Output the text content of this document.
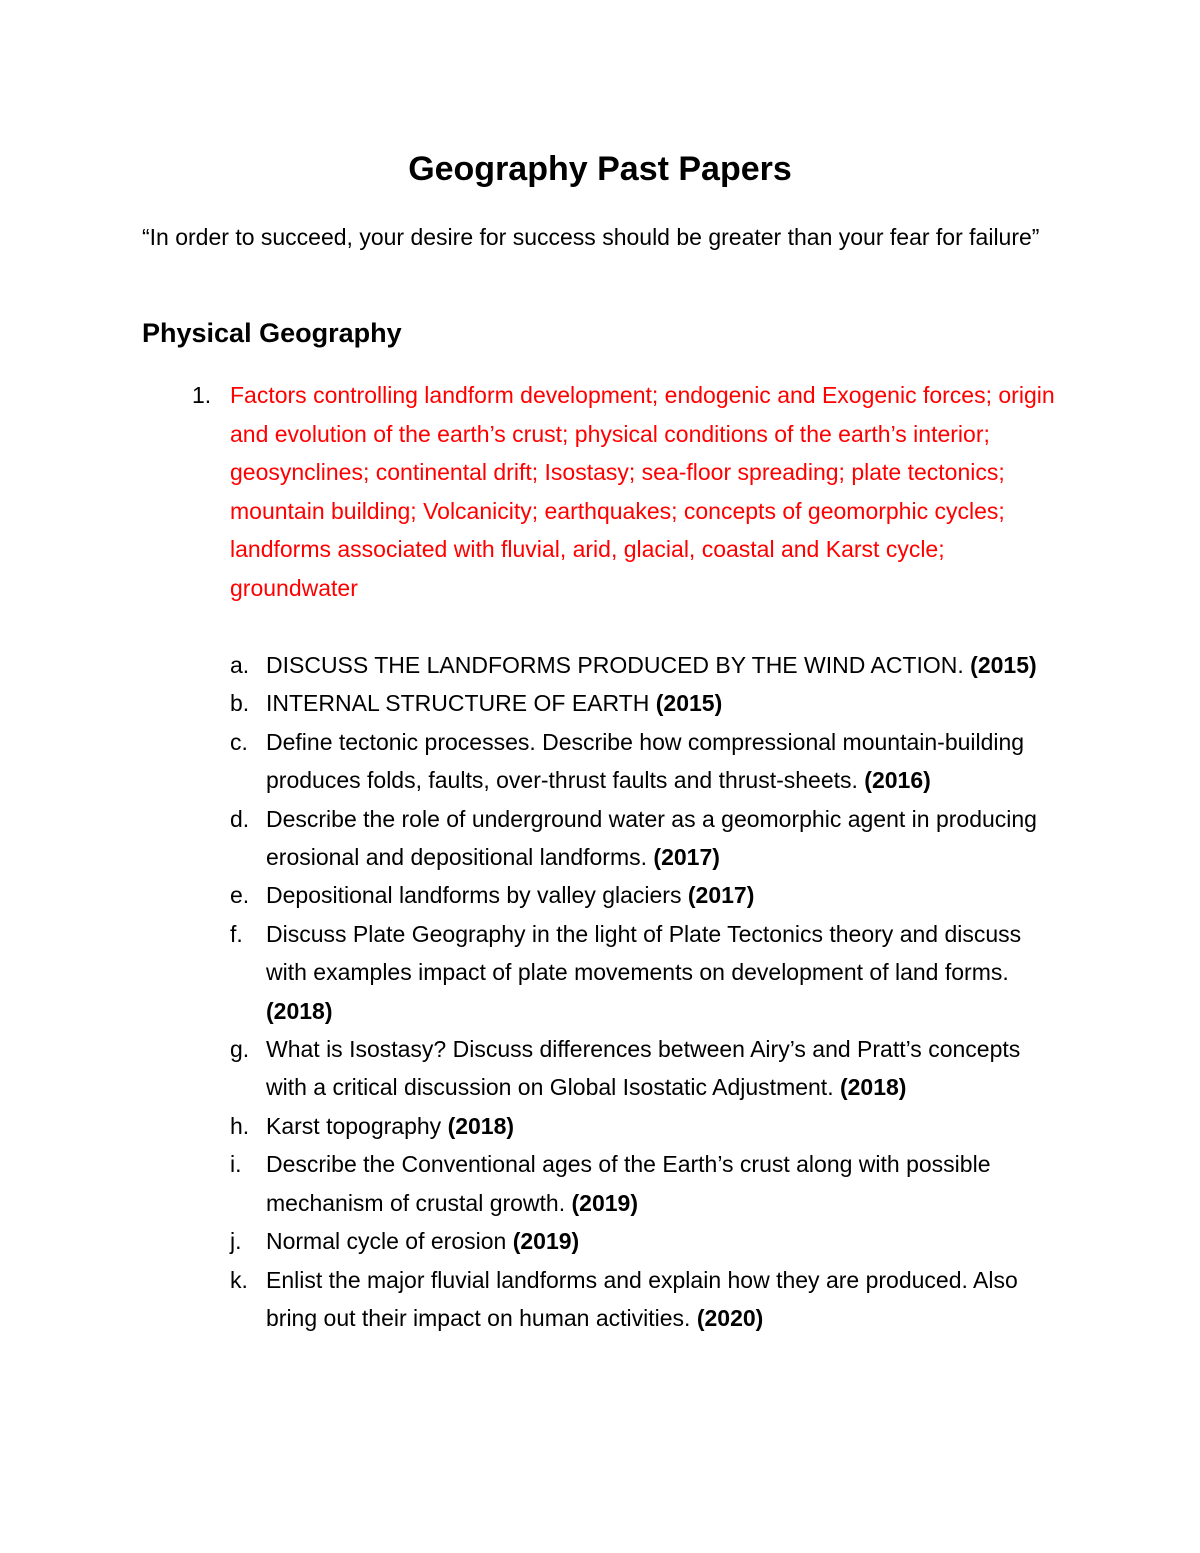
Geography Past Papers
“In order to succeed, your desire for success should be greater than your fear for failure”
Physical Geography
1. Factors controlling landform development; endogenic and Exogenic forces; origin and evolution of the earth’s crust; physical conditions of the earth’s interior; geosynclines; continental drift; Isostasy; sea-floor spreading; plate tectonics; mountain building; Volcanicity; earthquakes; concepts of geomorphic cycles; landforms associated with fluvial, arid, glacial, coastal and Karst cycle; groundwater
a. DISCUSS THE LANDFORMS PRODUCED BY THE WIND ACTION. (2015)
b. INTERNAL STRUCTURE OF EARTH (2015)
c. Define tectonic processes. Describe how compressional mountain-building produces folds, faults, over-thrust faults and thrust-sheets. (2016)
d. Describe the role of underground water as a geomorphic agent in producing erosional and depositional landforms. (2017)
e. Depositional landforms by valley glaciers (2017)
f. Discuss Plate Geography in the light of Plate Tectonics theory and discuss with examples impact of plate movements on development of land forms. (2018)
g. What is Isostasy? Discuss differences between Airy’s and Pratt’s concepts with a critical discussion on Global Isostatic Adjustment. (2018)
h. Karst topography (2018)
i. Describe the Conventional ages of the Earth’s crust along with possible mechanism of crustal growth. (2019)
j. Normal cycle of erosion (2019)
k. Enlist the major fluvial landforms and explain how they are produced. Also bring out their impact on human activities. (2020)
